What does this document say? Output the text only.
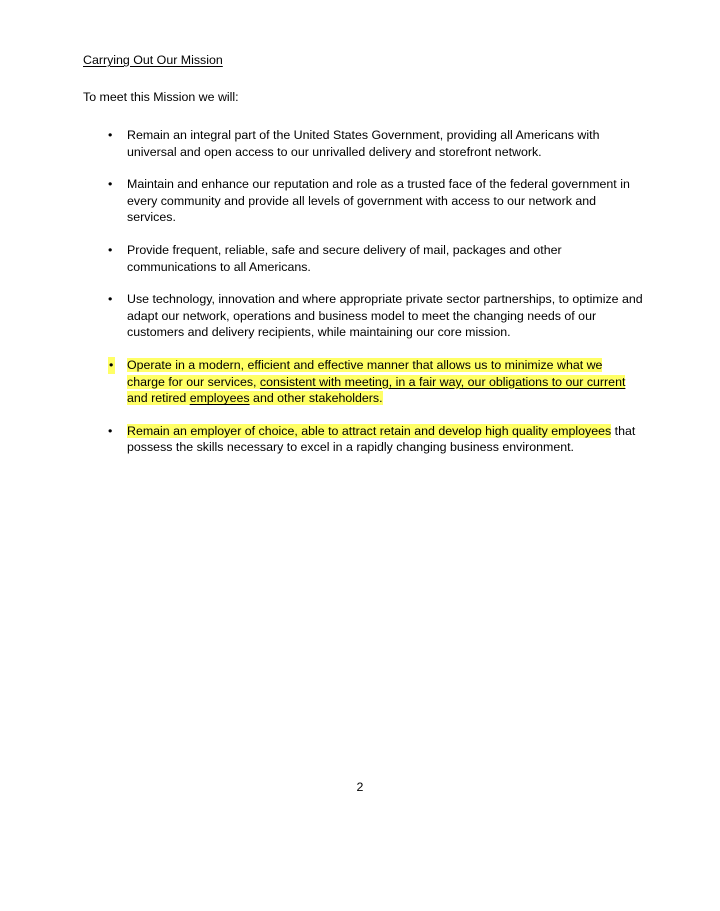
Carrying Out Our Mission
To meet this Mission we will:
• Remain an integral part of the United States Government, providing all Americans with universal and open access to our unrivalled delivery and storefront network.
• Maintain and enhance our reputation and role as a trusted face of the federal government in every community and provide all levels of government with access to our network and services.
• Provide frequent, reliable, safe and secure delivery of mail, packages and other communications to all Americans.
• Use technology, innovation and where appropriate private sector partnerships, to optimize and adapt our network, operations and business model to meet the changing needs of our customers and delivery recipients, while maintaining our core mission.
• Operate in a modern, efficient and effective manner that allows us to minimize what we charge for our services, consistent with meeting, in a fair way, our obligations to our current and retired employees and other stakeholders.
• Remain an employer of choice, able to attract retain and develop high quality employees that possess the skills necessary to excel in a rapidly changing business environment.
2
